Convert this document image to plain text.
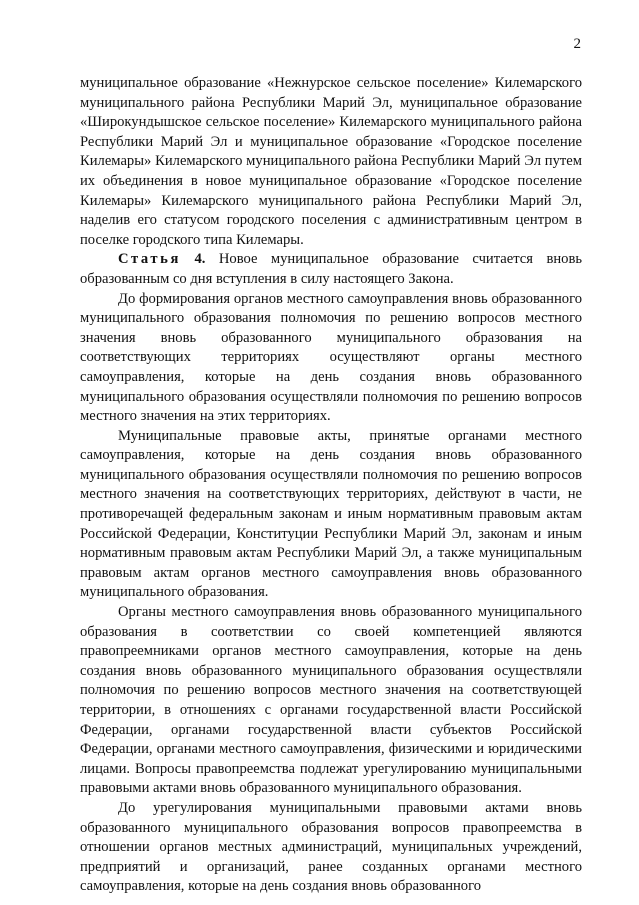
2

муниципальное образование «Нежнурское сельское поселение» Килемарского муниципального района Республики Марий Эл, муниципальное образование «Широкундышское сельское поселение» Килемарского муниципального района Республики Марий Эл и муниципальное образование «Городское поселение Килемары» Килемарского муниципального района Республики Марий Эл путем их объединения в новое муниципальное образование «Городское поселение Килемары» Килемарского муниципального района Республики Марий Эл, наделив его статусом городского поселения с административным центром в поселке городского типа Килемары.

Статья 4. Новое муниципальное образование считается вновь образованным со дня вступления в силу настоящего Закона.

До формирования органов местного самоуправления вновь образованного муниципального образования полномочия по решению вопросов местного значения вновь образованного муниципального образования на соответствующих территориях осуществляют органы местного самоуправления, которые на день создания вновь образованного муниципального образования осуществляли полномочия по решению вопросов местного значения на этих территориях.

Муниципальные правовые акты, принятые органами местного самоуправления, которые на день создания вновь образованного муниципального образования осуществляли полномочия по решению вопросов местного значения на соответствующих территориях, действуют в части, не противоречащей федеральным законам и иным нормативным правовым актам Российской Федерации, Конституции Республики Марий Эл, законам и иным нормативным правовым актам Республики Марий Эл, а также муниципальным правовым актам органов местного самоуправления вновь образованного муниципального образования.

Органы местного самоуправления вновь образованного муниципального образования в соответствии со своей компетенцией являются правопреемниками органов местного самоуправления, которые на день создания вновь образованного муниципального образования осуществляли полномочия по решению вопросов местного значения на соответствующей территории, в отношениях с органами государственной власти Российской Федерации, органами государственной власти субъектов Российской Федерации, органами местного самоуправления, физическими и юридическими лицами. Вопросы правопреемства подлежат урегулированию муниципальными правовыми актами вновь образованного муниципального образования.

До урегулирования муниципальными правовыми актами вновь образованного муниципального образования вопросов правопреемства в отношении органов местных администраций, муниципальных учреждений, предприятий и организаций, ранее созданных органами местного самоуправления, которые на день создания вновь образованного
